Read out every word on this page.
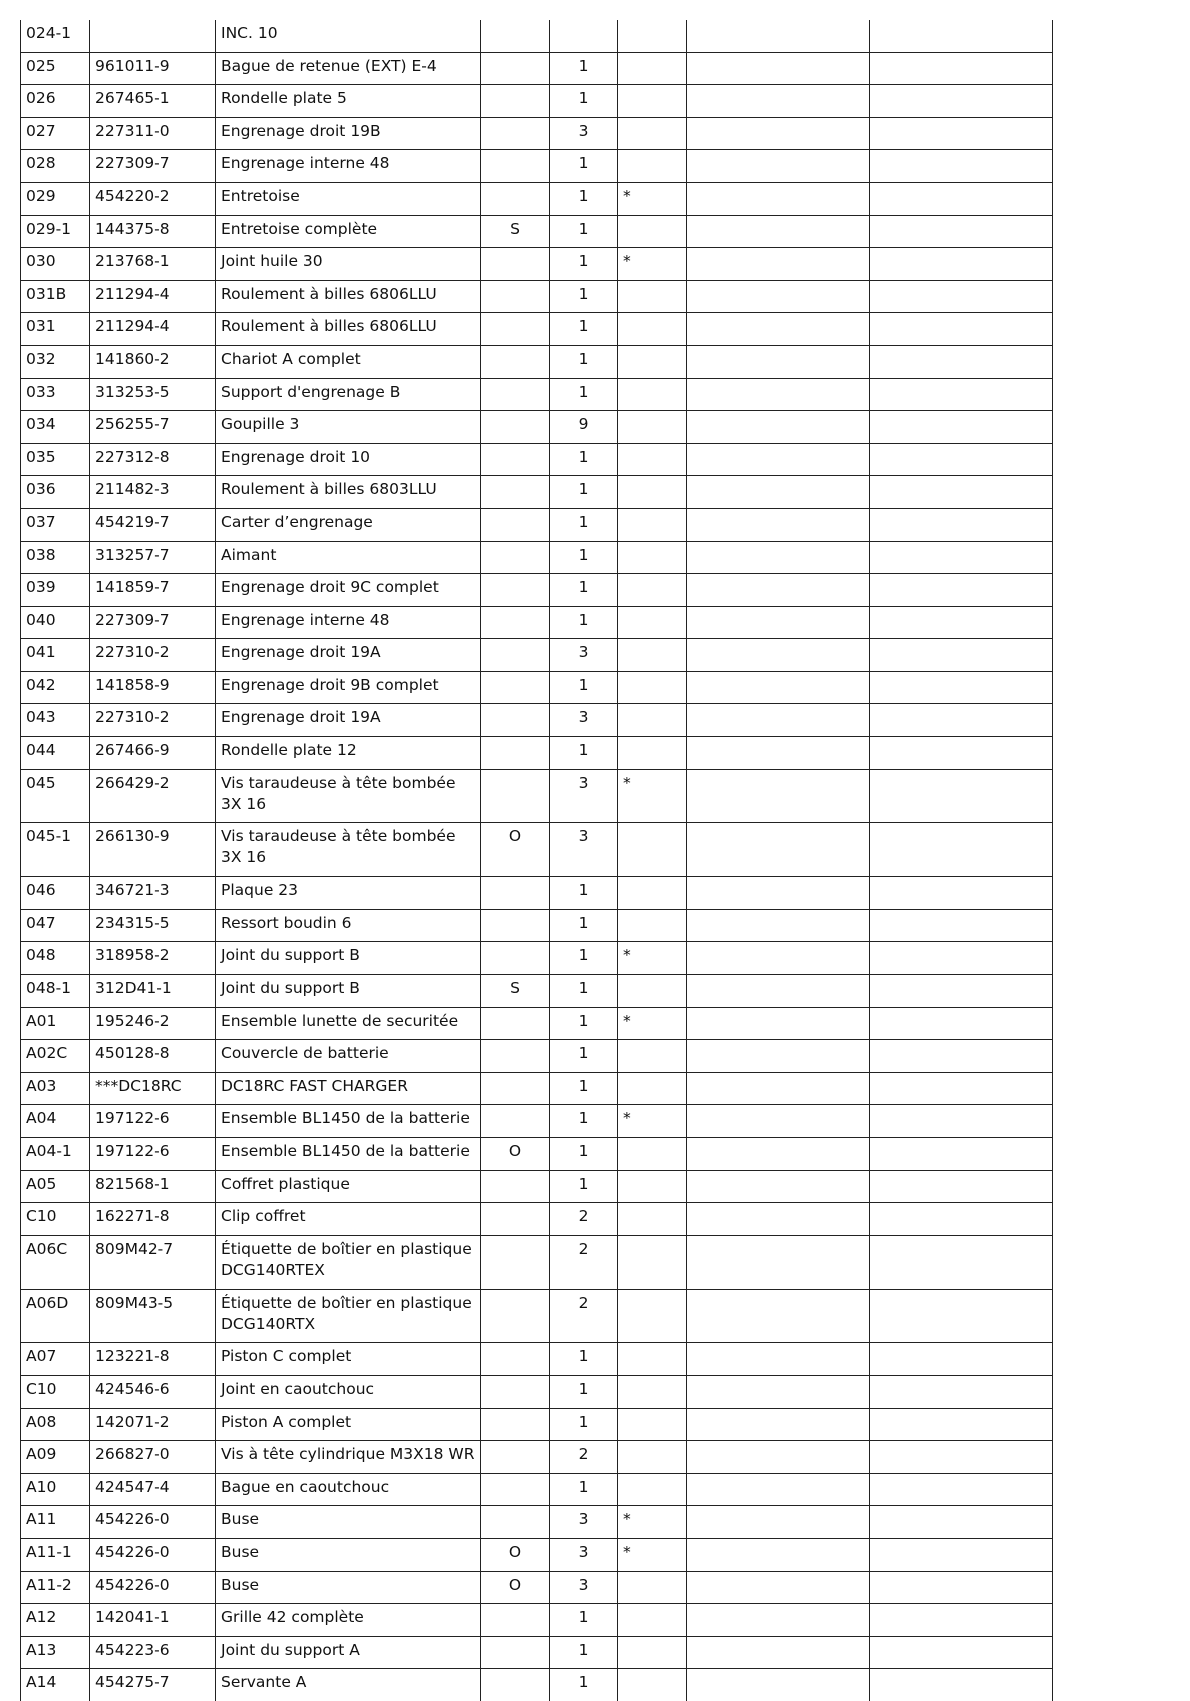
024-1		INC. 10					
025	961011-9	Bague de retenue (EXT) E-4		1			
026	267465-1	Rondelle plate 5		1			
027	227311-0	Engrenage droit 19B		3			
028	227309-7	Engrenage interne 48		1			
029	454220-2	Entretoise		1	*		
029-1	144375-8	Entretoise complète	S	1			
030	213768-1	Joint huile 30		1	*		
031B	211294-4	Roulement à billes 6806LLU		1			
031	211294-4	Roulement à billes 6806LLU		1			
032	141860-2	Chariot A complet		1			
033	313253-5	Support d'engrenage B		1			
034	256255-7	Goupille 3		9			
035	227312-8	Engrenage droit 10		1			
036	211482-3	Roulement à billes 6803LLU		1			
037	454219-7	Carter d’engrenage		1			
038	313257-7	Aimant		1			
039	141859-7	Engrenage droit 9C complet		1			
040	227309-7	Engrenage interne 48		1			
041	227310-2	Engrenage droit 19A		3			
042	141858-9	Engrenage droit 9B complet		1			
043	227310-2	Engrenage droit 19A		3			
044	267466-9	Rondelle plate 12		1			
045	266429-2	Vis taraudeuse à tête bombée 3X 16		3	*		
045-1	266130-9	Vis taraudeuse à tête bombée 3X 16	O	3			
046	346721-3	Plaque 23		1			
047	234315-5	Ressort boudin 6		1			
048	318958-2	Joint du support B		1	*		
048-1	312D41-1	Joint du support B	S	1			
A01	195246-2	Ensemble lunette de securitée		1	*		
A02C	450128-8	Couvercle de batterie		1			
A03	***DC18RC	DC18RC FAST CHARGER		1			
A04	197122-6	Ensemble BL1450 de la batterie		1	*		
A04-1	197122-6	Ensemble BL1450 de la batterie	O	1			
A05	821568-1	Coffret plastique		1			
C10	162271-8	Clip coffret		2			
A06C	809M42-7	Étiquette de boîtier en plastique DCG140RTEX		2			
A06D	809M43-5	Étiquette de boîtier en plastique DCG140RTX		2			
A07	123221-8	Piston C complet		1			
C10	424546-6	Joint en caoutchouc		1			
A08	142071-2	Piston A complet		1			
A09	266827-0	Vis à tête cylindrique M3X18 WR		2			
A10	424547-4	Bague en caoutchouc		1			
A11	454226-0	Buse		3	*		
A11-1	454226-0	Buse	O	3	*		
A11-2	454226-0	Buse	O	3			
A12	142041-1	Grille 42 complète		1			
A13	454223-6	Joint du support A		1			
A14	454275-7	Servante A		1			
